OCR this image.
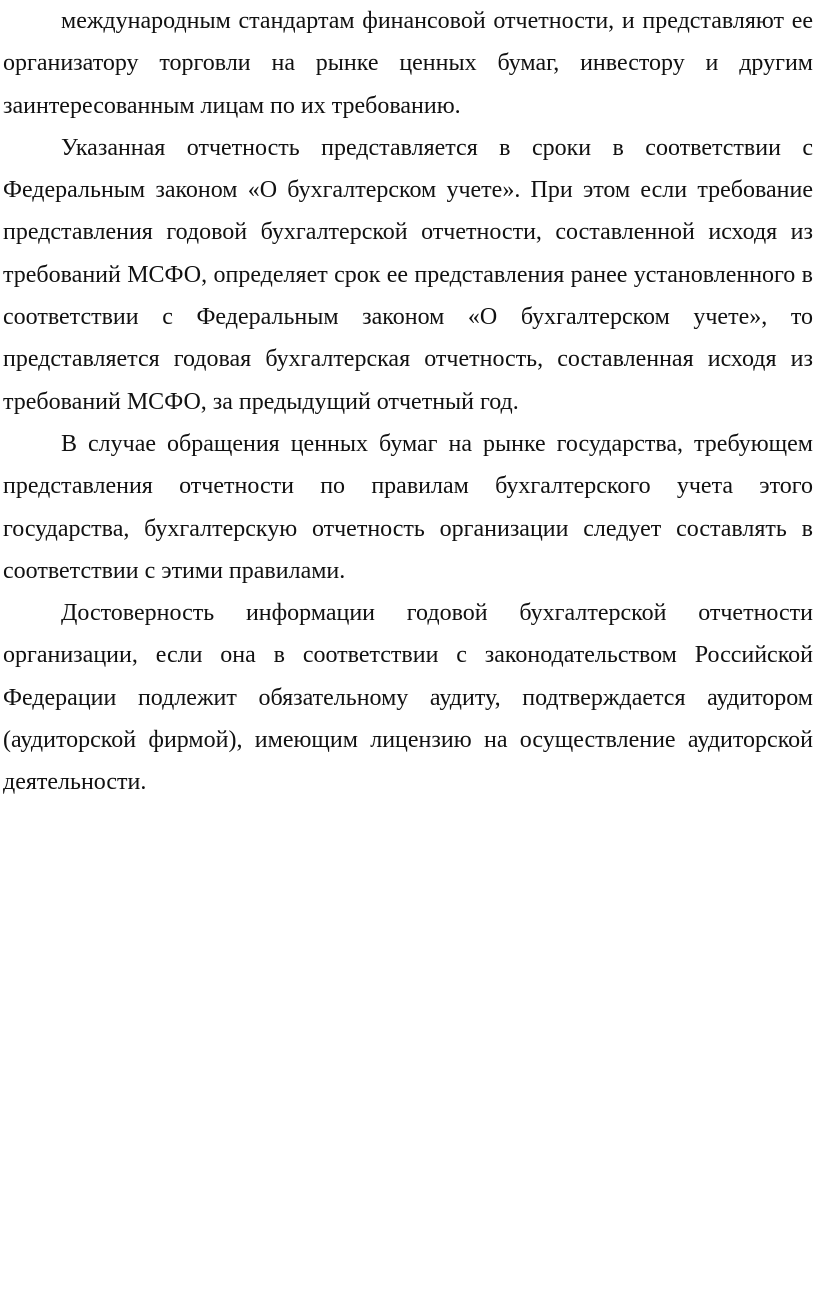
международным стандартам финансовой отчетности, и представляют ее организатору торговли на рынке ценных бумаг, инвестору и другим заинтересованным лицам по их требованию.

Указанная отчетность представляется в сроки в соответствии с Федеральным законом «О бухгалтерском учете». При этом если требование представления годовой бухгалтерской отчетности, составленной исходя из требований МСФО, определяет срок ее представления ранее установленного в соответствии с Федеральным законом «О бухгалтерском учете», то представляется годовая бухгалтерская отчетность, составленная исходя из требований МСФО, за предыдущий отчетный год.

В случае обращения ценных бумаг на рынке государства, требующем представления отчетности по правилам бухгалтерского учета этого государства, бухгалтерскую отчетность организации следует составлять в соответствии с этими правилами.

Достоверность информации годовой бухгалтерской отчетности организации, если она в соответствии с законодательством Российской Федерации подлежит обязательному аудиту, подтверждается аудитором (аудиторской фирмой), имеющим лицензию на осуществление аудиторской деятельности.
